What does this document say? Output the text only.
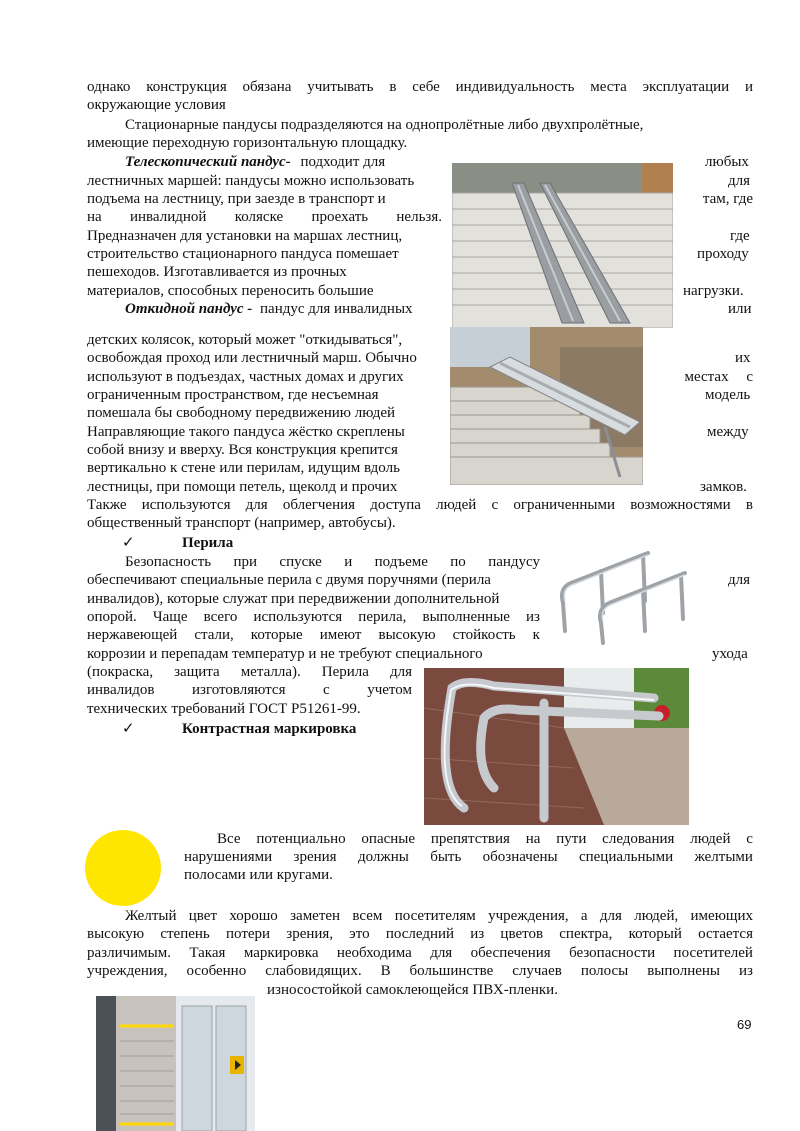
однако конструкция обязана учитывать в себе индивидуальность места эксплуатации и
окружающие условия
Стационарные пандусы подразделяются на однопролётные либо двухпролётные,
имеющие переходную горизонтальную площадку.
Телескопический пандус- подходит для	любых
лестничных маршей: пандусы можно использовать	для
подъема на лестницу, при заезде в транспорт и	там, где
на инвалидной коляске проехать нельзя.
Предназначен для установки на маршах лестниц,	где
строительство стационарного пандуса помешает	проходу
пешеходов. Изготавливается из прочных
материалов, способных переносить большие	нагрузки.
Откидной пандус - пандус для инвалидных	или
детских колясок, который может "откидываться",
освобождая проход или лестничный марш. Обычно	их
используют в подъездах, частных домах и других	местах с
ограниченным пространством, где несъемная	модель
помешала бы свободному передвижению людей
Направляющие такого пандуса жёстко скреплены	между
собой внизу и вверху. Вся конструкция крепится
вертикально к стене или перилам, идущим вдоль
лестницы, при помощи петель, щеколд и прочих	замков.
Также используются для облегчения доступа людей с ограниченными возможностями в
общественный транспорт (например, автобусы).
✓	Перила
Безопасность при спуске и подъеме по пандусу
обеспечивают специальные перила с двумя поручнями (перила	для
инвалидов), которые служат при передвижении дополнительной
опорой. Чаще всего используются перила, выполненные из
нержавеющей стали, которые имеют высокую стойкость к
коррозии и перепадам температур и не требуют специального	ухода
(покраска, защита металла). Перила для
инвалидов	изготовляются	с	учетом
технических требований ГОСТ Р51261-99.
✓	Контрастная маркировка
Все потенциально опасные препятствия на пути следования людей с
нарушениями зрения должны быть обозначены специальными желтыми
полосами или кругами.
Желтый цвет хорошо заметен всем посетителям учреждения, а для людей, имеющих
высокую степень потери зрения, это последний из цветов спектра, который остается
различимым. Такая маркировка необходима для обеспечения безопасности посетителей
учреждения, особенно слабовидящих. В большинстве случаев полосы выполнены из
износостойкой самоклеющейся ПВХ-пленки.
69
